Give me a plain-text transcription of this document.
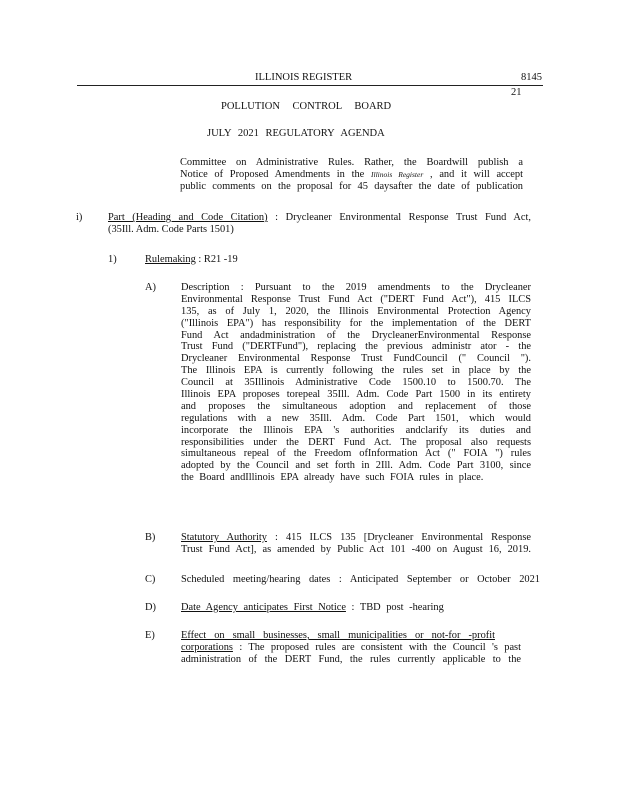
ILLINOIS REGISTER	8145
21
POLLUTION CONTROL BOARD
JULY 2021 REGULATORY AGENDA
Committee on Administrative Rules. Rather, the Boardwill publish a
Notice of Proposed Amendments in the Illinois Register , and it will accept
public comments on the proposal for 45 daysafter the date of publication
i) Part (Heading and Code Citation) : Drycleaner Environmental Response Trust Fund Act,
(35Ill. Adm. Code Parts 1501)
1)	Rulemaking : R21 -19
A) Description : Pursuant to the 2019 amendments to the Drycleaner
Environmental Response Trust Fund Act ("DERT Fund Act"), 415 ILCS
135, as of July 1, 2020, the Illinois Environmental Protection Agency
("Illinois EPA") has responsibility for the implementation of the DERT
Fund Act andadministration of the DrycleanerEnvironmental Response
Trust Fund ("DERTFund"), replacing the previous administr ator - the
Drycleaner Environmental Response Trust FundCouncil (" Council ").
The Illinois EPA is currently following the rules set in place by the
Council at 35Illinois Administrative Code 1500.10 to 1500.70. The
Illinois EPA proposes torepeal 35Ill. Adm. Code Part 1500 in its entirety
and proposes the simultaneous adoption and replacement of those
regulations with a new 35Ill. Adm. Code Part 1501, which would
incorporate the Illinois EPA 's authorities andclarify its duties and
responsibilities under the DERT Fund Act. The proposal also requests
simultaneous repeal of the Freedom ofInformation Act (" FOIA ") rules
adopted by the Council and set forth in 2Ill. Adm. Code Part 3100, since
the Board andIllinois EPA already have such FOIA rules in place.
B) Statutory Authority : 415 ILCS 135 [Drycleaner Environmental Response
Trust Fund Act], as amended by Public Act 101 -400 on August 16, 2019.
C) Scheduled meeting/hearing dates : Anticipated September or October 2021
D) Date Agency anticipates First Notice : TBD post -hearing
E)	Effect on small businesses, small municipalities or not-for -profit
corporations : The proposed rules are consistent with the Council 's past
administration of the DERT Fund, the rules currently applicable to the
